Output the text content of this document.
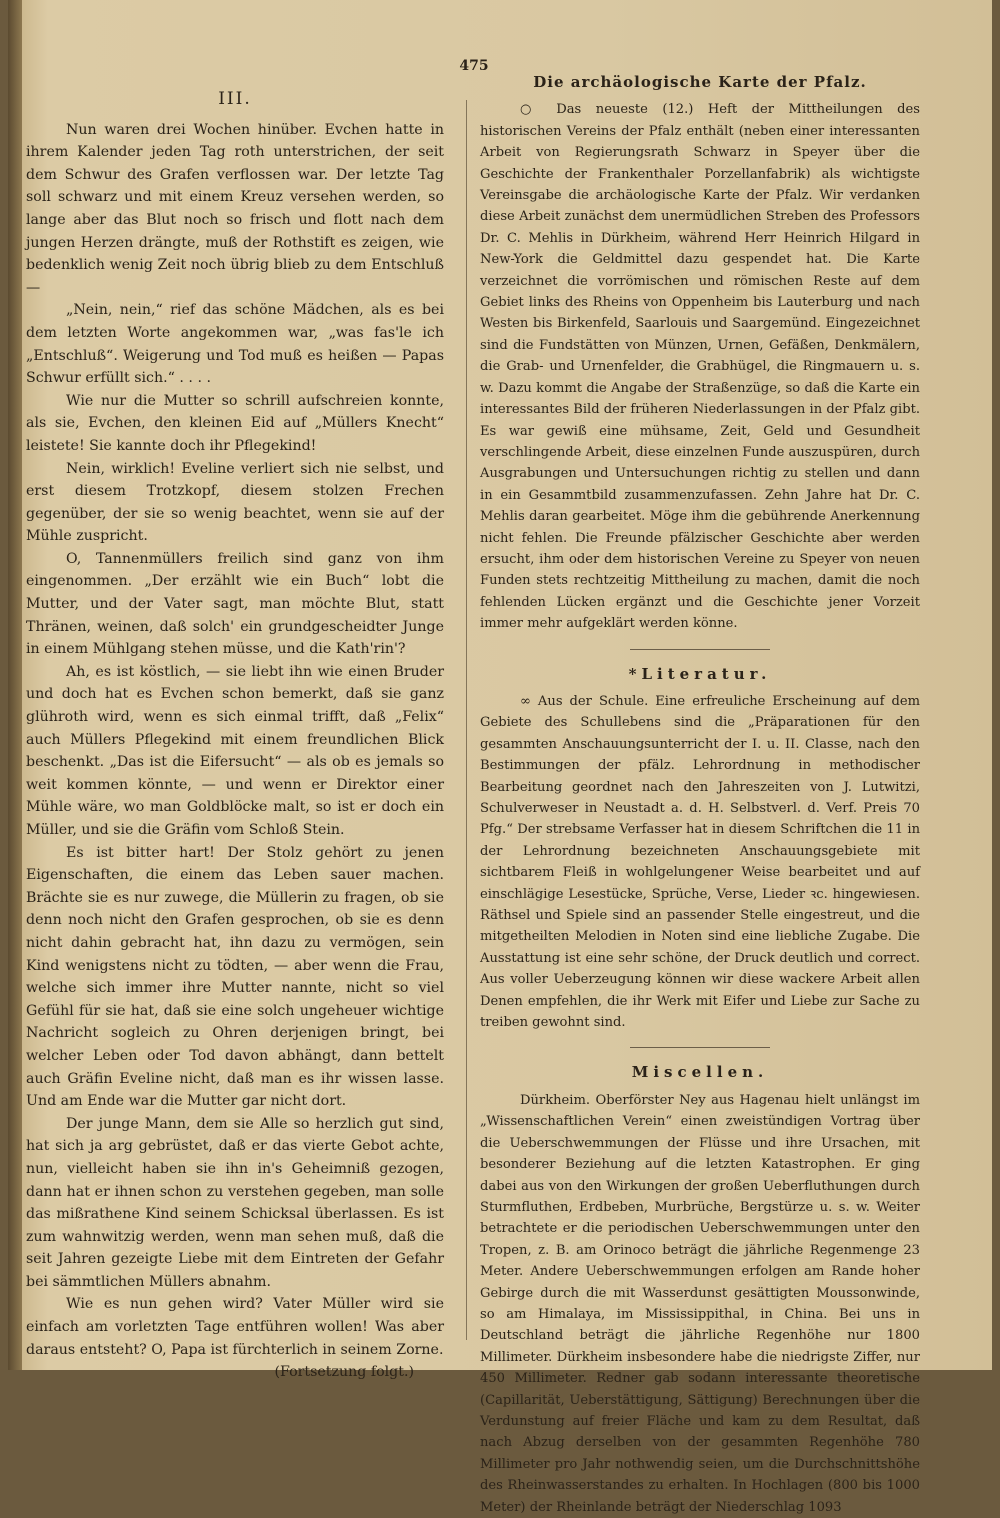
475
III.

Nun waren drei Wochen hinüber. Evchen hatte in ihrem Kalender jeden Tag roth unterstrichen, der seit dem Schwur des Grafen verflossen war. Der letzte Tag soll schwarz und mit einem Kreuz versehen werden, so lange aber das Blut noch so frisch und flott nach dem jungen Herzen drängte, muß der Rothstift es zeigen, wie bedenklich wenig Zeit noch übrig blieb zu dem Entschluß —

„Nein, nein,“ rief das schöne Mädchen, als es bei dem letzten Worte angekommen war, „was fas'le ich „Entschluß“. Weigerung und Tod muß es heißen — Papas Schwur erfüllt sich.“ . . . .

Wie nur die Mutter so schrill aufschreien konnte, als sie, Evchen, den kleinen Eid auf „Müllers Knecht“ leistete! Sie kannte doch ihr Pflegekind!

Nein, wirklich! Eveline verliert sich nie selbst, und erst diesem Trotzkopf, diesem stolzen Frechen gegenüber, der sie so wenig beachtet, wenn sie auf der Mühle zuspricht.

O, Tannenmüllers freilich sind ganz von ihm eingenommen. „Der erzählt wie ein Buch“ lobt die Mutter, und der Vater sagt, man möchte Blut, statt Thränen, weinen, daß solch' ein grundgescheidter Junge in einem Mühlgang stehen müsse, und die Kath'rin'?

Ah, es ist köstlich, — sie liebt ihn wie einen Bruder und doch hat es Evchen schon bemerkt, daß sie ganz glühroth wird, wenn es sich einmal trifft, daß „Felix“ auch Müllers Pflegekind mit einem freundlichen Blick beschenkt. „Das ist die Eifersucht“ — als ob es jemals so weit kommen könnte, — und wenn er Direktor einer Mühle wäre, wo man Goldblöcke malt, so ist er doch ein Müller, und sie die Gräfin vom Schloß Stein.

Es ist bitter hart! Der Stolz gehört zu jenen Eigenschaften, die einem das Leben sauer machen. Brächte sie es nur zuwege, die Müllerin zu fragen, ob sie denn noch nicht den Grafen gesprochen, ob sie es denn nicht dahin gebracht hat, ihn dazu zu vermögen, sein Kind wenigstens nicht zu tödten, — aber wenn die Frau, welche sich immer ihre Mutter nannte, nicht so viel Gefühl für sie hat, daß sie eine solch ungeheuer wichtige Nachricht sogleich zu Ohren derjenigen bringt, bei welcher Leben oder Tod davon abhängt, dann bettelt auch Gräfin Eveline nicht, daß man es ihr wissen lasse. Und am Ende war die Mutter gar nicht dort.

Der junge Mann, dem sie Alle so herzlich gut sind, hat sich ja arg gebrüstet, daß er das vierte Gebot achte, nun, vielleicht haben sie ihn in's Geheimniß gezogen, dann hat er ihnen schon zu verstehen gegeben, man solle das mißrathene Kind seinem Schicksal überlassen. Es ist zum wahnwitzig werden, wenn man sehen muß, daß die seit Jahren gezeigte Liebe mit dem Eintreten der Gefahr bei sämmtlichen Müllers abnahm.

Wie es nun gehen wird? Vater Müller wird sie einfach am vorletzten Tage entführen wollen! Was aber daraus entsteht? O, Papa ist fürchterlich in seinem Zorne.

(Fortsetzung folgt.)
Die archäologische Karte der Pfalz.

○ Das neueste (12.) Heft der Mittheilungen des historischen Vereins der Pfalz enthält (neben einer interessanten Arbeit von Regierungsrath Schwarz in Speyer über die Geschichte der Frankenthaler Porzellanfabrik) als wichtigste Vereinsgabe die archäologische Karte der Pfalz. Wir verdanken diese Arbeit zunächst dem unermüdlichen Streben des Professors Dr. C. Mehlis in Dürkheim, während Herr Heinrich Hilgard in New-York die Geldmittel dazu gespendet hat. Die Karte verzeichnet die vorrömischen und römischen Reste auf dem Gebiet links des Rheins von Oppenheim bis Lauterburg und nach Westen bis Birkenfeld, Saarlouis und Saargemünd. Eingezeichnet sind die Fundstätten von Münzen, Urnen, Gefäßen, Denkmälern, die Grab- und Urnenfelder, die Grabhügel, die Ringmauern u. s. w. Dazu kommt die Angabe der Straßenzüge, so daß die Karte ein interessantes Bild der früheren Niederlassungen in der Pfalz gibt. Es war gewiß eine mühsame, Zeit, Geld und Gesundheit verschlingende Arbeit, diese einzelnen Funde auszuspüren, durch Ausgrabungen und Untersuchungen richtig zu stellen und dann in ein Gesammtbild zusammenzufassen. Zehn Jahre hat Dr. C. Mehlis daran gearbeitet. Möge ihm die gebührende Anerkennung nicht fehlen. Die Freunde pfälzischer Geschichte aber werden ersucht, ihm oder dem historischen Vereine zu Speyer von neuen Funden stets rechtzeitig Mittheilung zu machen, damit die noch fehlenden Lücken ergänzt und die Geschichte jener Vorzeit immer mehr aufgeklärt werden könne.

*Literatur.

∞ Aus der Schule. Eine erfreuliche Erscheinung auf dem Gebiete des Schullebens sind die „Präparationen für den gesammten Anschauungsunterricht der I. u. II. Classe, nach den Bestimmungen der pfälz. Lehrordnung in methodischer Bearbeitung geordnet nach den Jahreszeiten von J. Lutwitzi, Schulverweser in Neustadt a. d. H. Selbstverl. d. Verf. Preis 70 Pfg.“ Der strebsame Verfasser hat in diesem Schriftchen die 11 in der Lehrordnung bezeichneten Anschauungsgebiete mit sichtbarem Fleiß in wohlgelungener Weise bearbeitet und auf einschlägige Lesestücke, Sprüche, Verse, Lieder ꝛc. hingewiesen. Räthsel und Spiele sind an passender Stelle eingestreut, und die mitgetheilten Melodien in Noten sind eine liebliche Zugabe. Die Ausstattung ist eine sehr schöne, der Druck deutlich und correct. Aus voller Ueberzeugung können wir diese wackere Arbeit allen Denen empfehlen, die ihr Werk mit Eifer und Liebe zur Sache zu treiben gewohnt sind.

Miscellen.

Dürkheim. Oberförster Ney aus Hagenau hielt unlängst im „Wissenschaftlichen Verein“ einen zweistündigen Vortrag über die Ueberschwemmungen der Flüsse und ihre Ursachen, mit besonderer Beziehung auf die letzten Katastrophen. Er ging dabei aus von den Wirkungen der großen Ueberfluthungen durch Sturmfluthen, Erdbeben, Murbrüche, Bergstürze u. s. w. Weiter betrachtete er die periodischen Ueberschwemmungen unter den Tropen, z. B. am Orinoco beträgt die jährliche Regenmenge 23 Meter. Andere Ueberschwemmungen erfolgen am Rande hoher Gebirge durch die mit Wasserdunst gesättigten Moussonwinde, so am Himalaya, im Mississippithal, in China. Bei uns in Deutschland beträgt die jährliche Regenhöhe nur 1800 Millimeter. Dürkheim insbesondere habe die niedrigste Ziffer, nur 450 Millimeter. Redner gab sodann interessante theoretische (Capillarität, Ueberstättigung, Sättigung) Berechnungen über die Verdunstung auf freier Fläche und kam zu dem Resultat, daß nach Abzug derselben von der gesammten Regenhöhe 780 Millimeter pro Jahr nothwendig seien, um die Durchschnittshöhe des Rheinwasserstandes zu erhalten. In Hochlagen (800 bis 1000 Meter) der Rheinlande beträgt der Niederschlag 1093
